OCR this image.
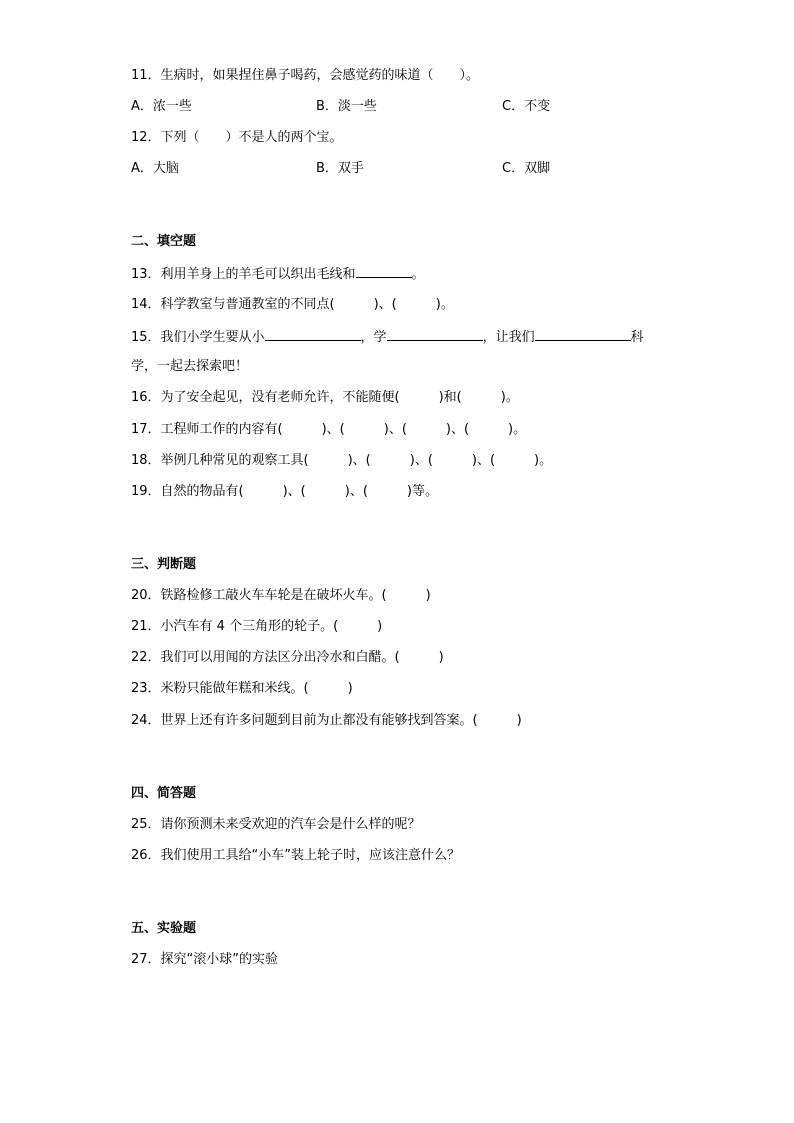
11．生病时，如果捏住鼻子喝药，会感觉药的味道（　　）。
A．浓一些	B．淡一些	C．不变
12．下列（　　）不是人的两个宝。
A．大脑	B．双手	C．双脚
二、填空题
13．利用羊身上的羊毛可以织出毛线和	。
14．科学教室与普通教室的不同点(　　　)、(　　　)。
15．我们小学生要从小	，学	，让我们	科
学，一起去探索吧！
16．为了安全起见，没有老师允许，不能随便(　　　)和(　　　)。
17．工程师工作的内容有(　　　)、(　　　)、(　　　)、(　　　)。
18．举例几种常见的观察工具(　　　)、(　　　)、(　　　)、(　　　)。
19．自然的物品有(　　　)、(　　　)、(　　　)等。
三、判断题
20．铁路检修工敲火车车轮是在破坏火车。(　　　)
21．小汽车有 4 个三角形的轮子。(　　　)
22．我们可以用闻的方法区分出冷水和白醋。(　　　)
23．米粉只能做年糕和米线。(　　　)
24．世界上还有许多问题到目前为止都没有能够找到答案。(　　　)
四、简答题
25．请你预测未来受欢迎的汽车会是什么样的呢？
26．我们使用工具给“小车”装上轮子时，应该注意什么？
五、实验题
27．探究“滚小球”的实验
